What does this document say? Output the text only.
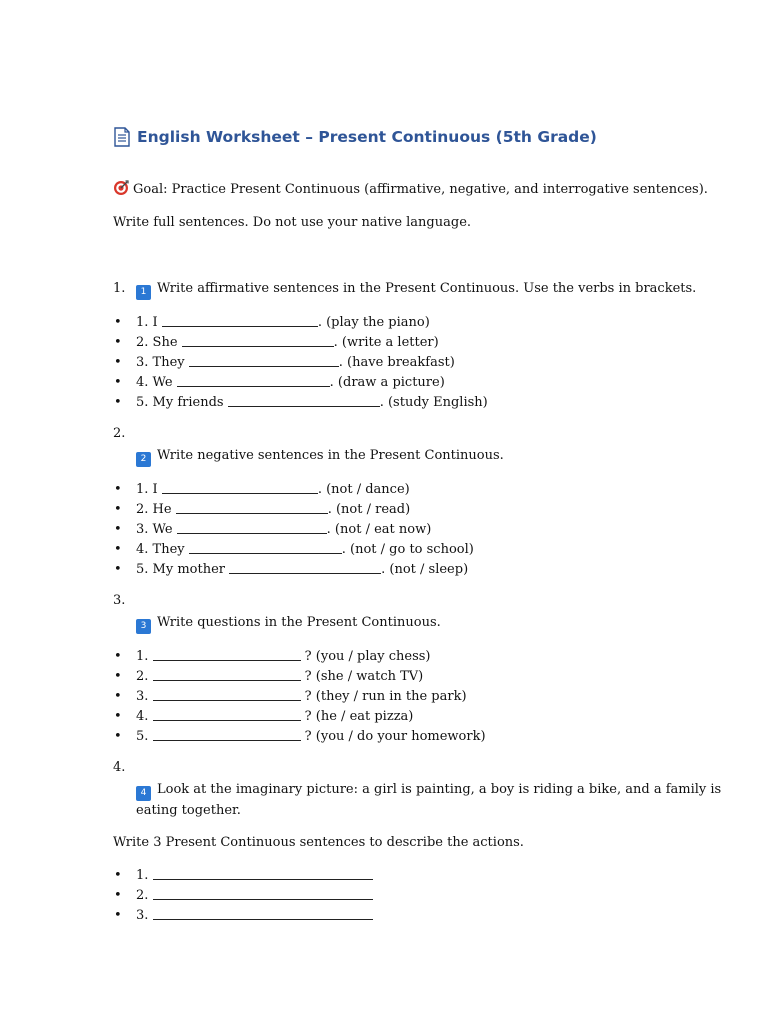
English Worksheet – Present Continuous (5th Grade)
Goal: Practice Present Continuous (affirmative, negative, and interrogative sentences).
Write full sentences. Do not use your native language.
1. 1 Write affirmative sentences in the Present Continuous. Use the verbs in brackets.
• 1. I	. (play the piano)
• 2. She	. (write a letter)
• 3. They	. (have breakfast)
• 4. We	. (draw a picture)
• 5. My friends	. (study English)
2.
2 Write negative sentences in the Present Continuous.
• 1. I	. (not / dance)
• 2. He	. (not / read)
• 3. We	. (not / eat now)
• 4. They	. (not / go to school)
• 5. My mother	. (not / sleep)
3.
3 Write questions in the Present Continuous.
• 1.	? (you / play chess)
• 2.	? (she / watch TV)
• 3.	? (they / run in the park)
• 4.	? (he / eat pizza)
• 5.	? (you / do your homework)
4.
4 Look at the imaginary picture: a girl is painting, a boy is riding a bike, and a family is
eating together.
Write 3 Present Continuous sentences to describe the actions.
• 1.
• 2.
• 3.
